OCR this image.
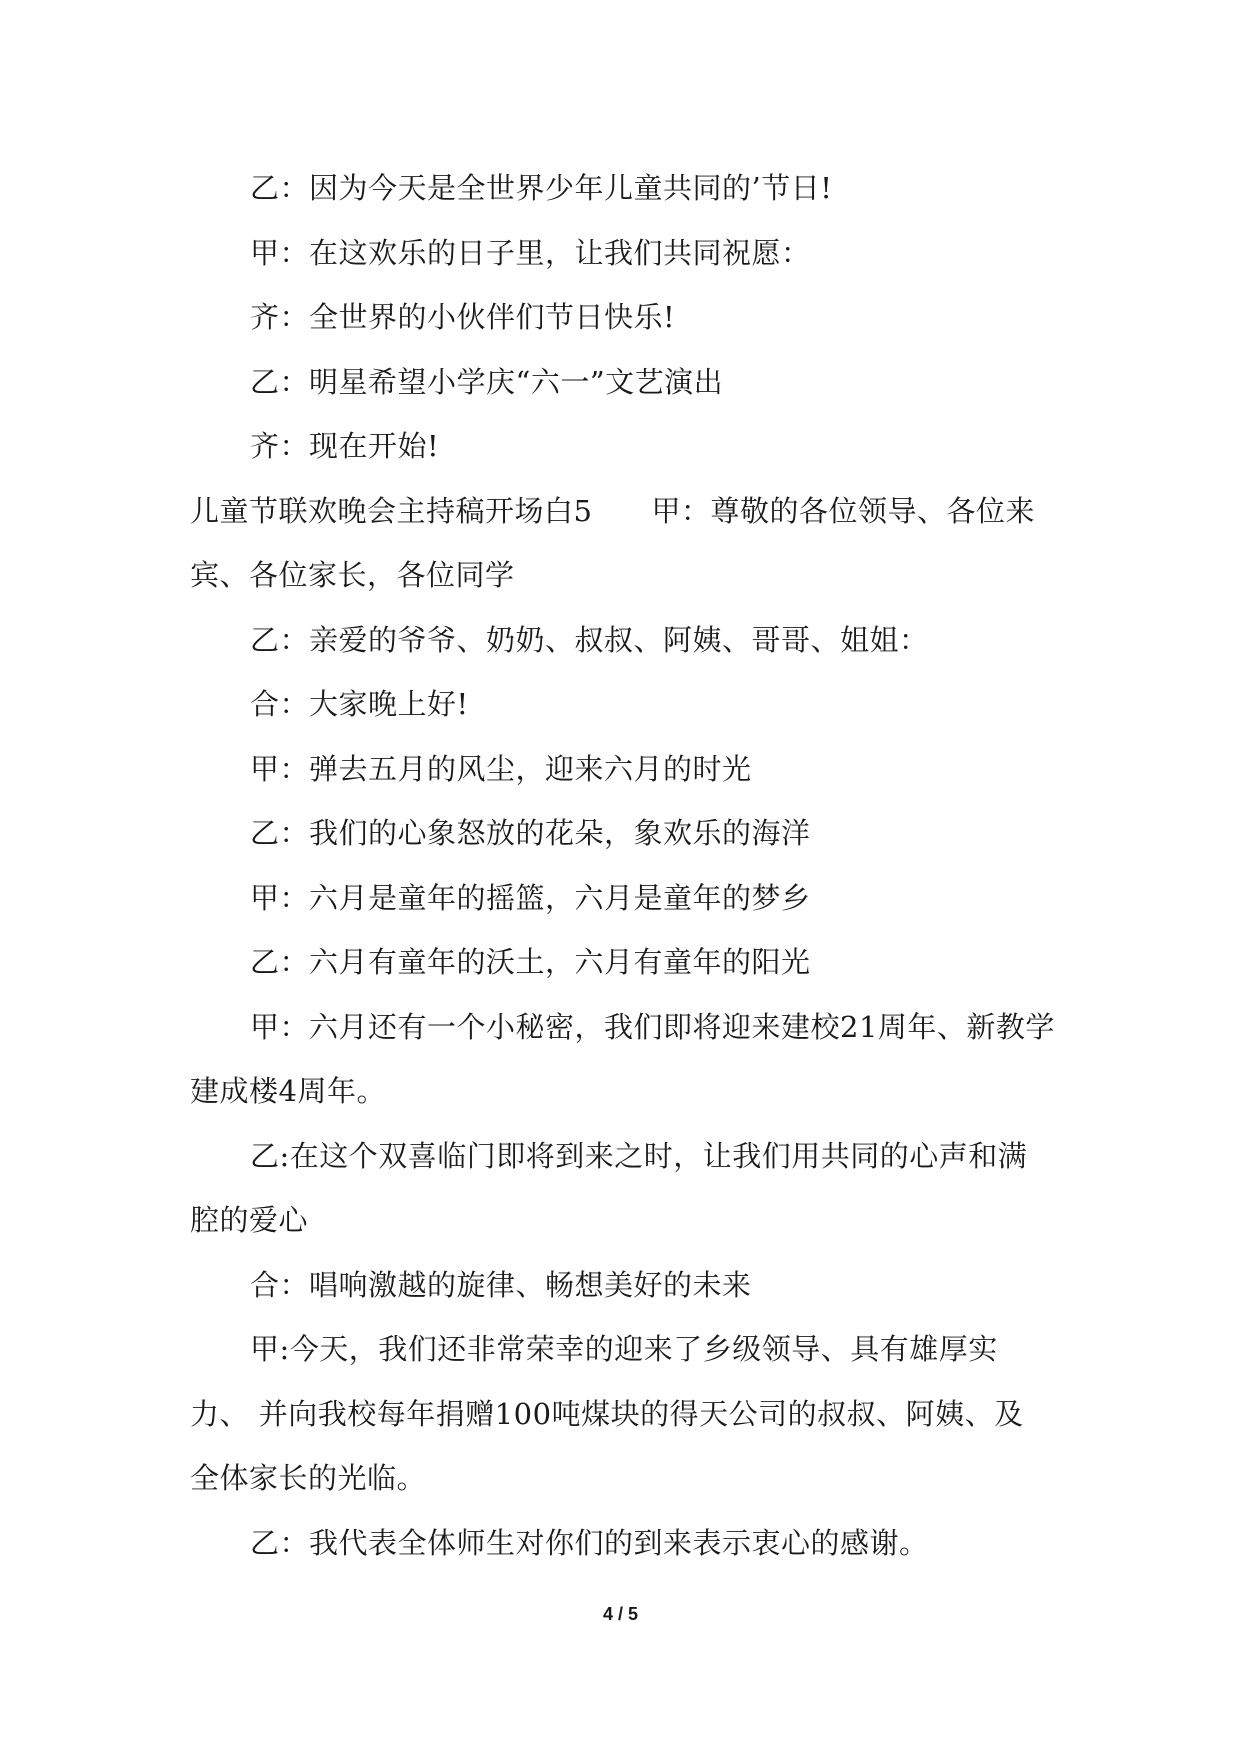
乙：因为今天是全世界少年儿童共同的’节日!

甲：在这欢乐的日子里，让我们共同祝愿：

齐：全世界的小伙伴们节日快乐!

乙：明星希望小学庆“六一”文艺演出

齐：现在开始!

儿童节联欢晚会主持稿开场白5　　甲：尊敬的各位领导、各位来宾、各位家长，各位同学

乙：亲爱的爷爷、奶奶、叔叔、阿姨、哥哥、姐姐：

合：大家晚上好!

甲：弹去五月的风尘，迎来六月的时光

乙：我们的心象怒放的花朵，象欢乐的海洋

甲：六月是童年的摇篮，六月是童年的梦乡

乙：六月有童年的沃土，六月有童年的阳光

甲：六月还有一个小秘密，我们即将迎来建校21周年、新教学建成楼4周年。

乙:在这个双喜临门即将到来之时，让我们用共同的心声和满腔的爱心

合：唱响激越的旋律、畅想美好的未来

甲:今天，我们还非常荣幸的迎来了乡级领导、具有雄厚实力、 并向我校每年捐赠100吨煤块的得天公司的叔叔、阿姨、及 全体家长的光临。

乙：我代表全体师生对你们的到来表示衷心的感谢。

4 / 5
